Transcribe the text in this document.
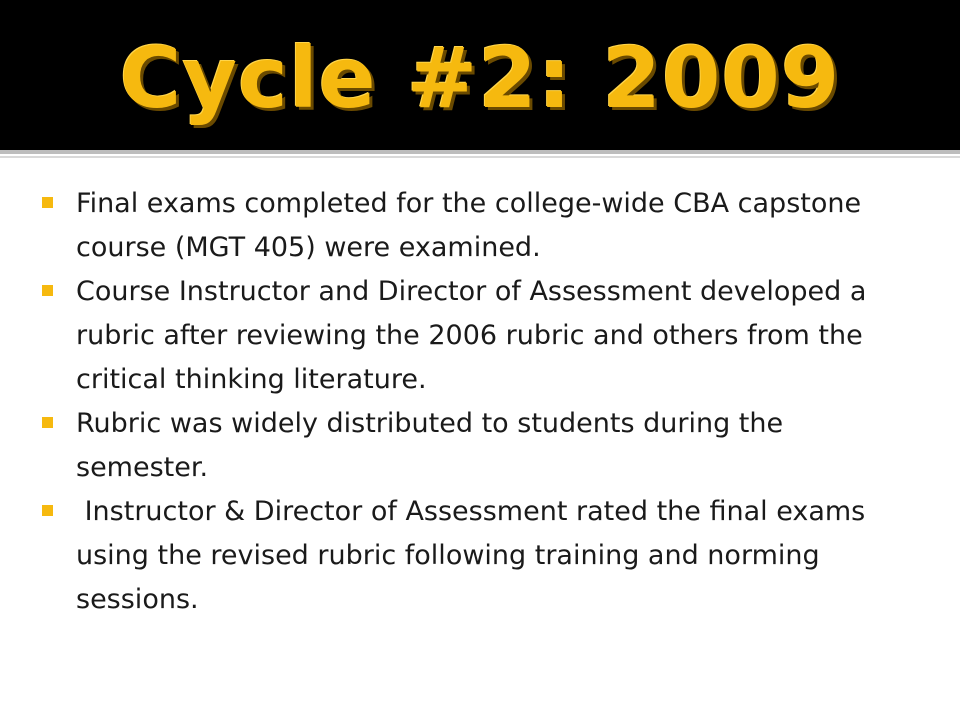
Cycle #2: 2009
Final exams completed for the college-wide CBA capstone course (MGT 405) were examined.
Course Instructor and Director of Assessment developed a rubric after reviewing the 2006 rubric and others from the critical thinking literature.
Rubric was widely distributed to students during the semester.
Instructor & Director of Assessment rated the final exams using the revised rubric following training and norming sessions.
